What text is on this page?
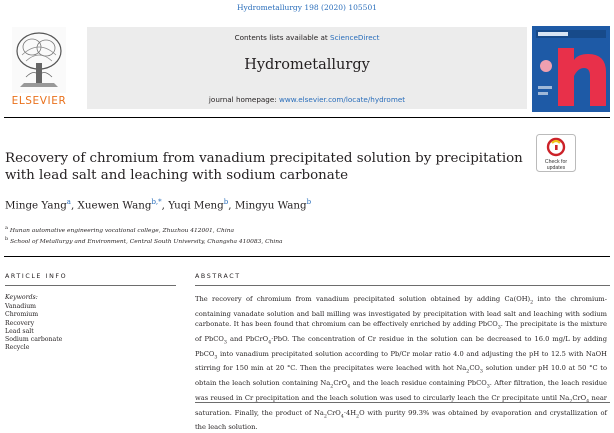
Hydrometallurgy 198 (2020) 105501
ELSEVIER
Contents lists available at ScienceDirect
Hydrometallurgy
journal homepage: www.elsevier.com/locate/hydromet
Recovery of chromium from vanadium precipitated solution by precipitation with lead salt and leaching with sodium carbonate
Check for
updates
Minge Yang$^a$, Xuewen Wang$^{b,*}$, Yuqi Meng$^b$, Mingyu Wang$^b$
$^a$ Hunan automative engineering vocational college, Zhuzhou 412001, China
$^b$ School of Metallurgy and Environment, Central South University, Changsha 410083, China
ARTICLE INFO	ABSTRACT
Keywords:
Vanadium
Chromium
Recovery
Lead salt
Sodium carbonate
Recycle
The recovery of chromium from vanadium precipitated solution obtained by adding $Ca(OH)_2$ into the chromium-containing vanadate solution and ball milling was investigated by precipitation with lead salt and leaching with sodium carbonate. It has been found that chromium can be effectively enriched by adding PbCO$_3$. The precipitate is the mixture of PbCO$_3$ and PbCrO$_4$·PbO. The concentration of Cr residue in the solution can be decreased to 16.0 mg/L by adding PbCO$_3$ into vanadium precipitated solution according to Pb/Cr molar ratio 4.0 and adjusting the pH to 12.5 with NaOH stirring for 150 min at 20 °C. Then the precipitates were leached with hot $Na_2CO_3$ solution under pH 10.0 at 50 °C to obtain the leach solution containing $Na_2CrO_4$ and the leach residue containing PbCO$_3$. After filtration, the leach residue was reused in Cr precipitation and the leach solution was used to circularly leach the Cr precipitate until Na CrO near saturation. Finally, the product of $Na_2CrO_4\cdot 4H_2O$ with purity 99.3% was obtained by evaporation and crystallization of the leach solution.
